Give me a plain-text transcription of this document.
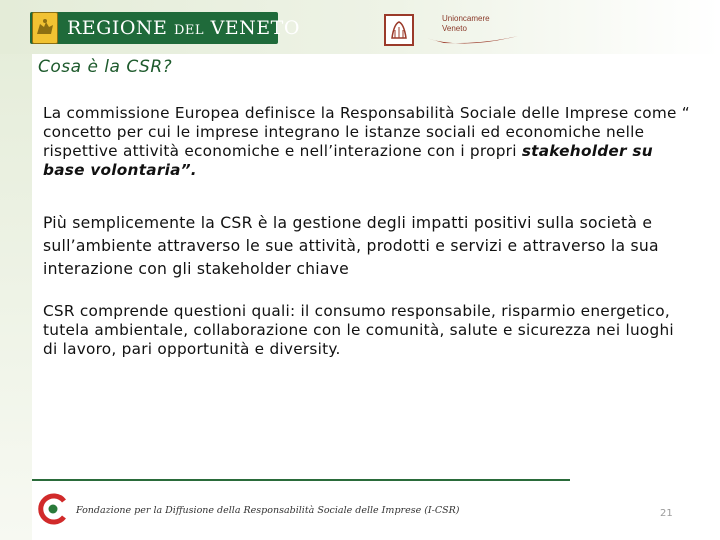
REGIONE DEL VENETO	Unioncamere
Veneto
Cosa è la CSR?
La commissione Europea definisce la Responsabilità Sociale delle Imprese come “ concetto per cui le imprese integrano le istanze sociali ed economiche nelle rispettive attività economiche e nell’interazione con i propri stakeholder su base volontaria”.
Più semplicemente la CSR è la gestione degli impatti positivi sulla società e sull’ambiente attraverso le sue attività, prodotti e servizi e attraverso la sua interazione con gli stakeholder chiave
CSR comprende questioni quali: il consumo responsabile, risparmio energetico, tutela ambientale, collaborazione con le comunità, salute e sicurezza nei luoghi di lavoro, pari opportunità e diversity.
Fondazione per la Diffusione della Responsabilità Sociale delle Imprese (I-CSR)	21
